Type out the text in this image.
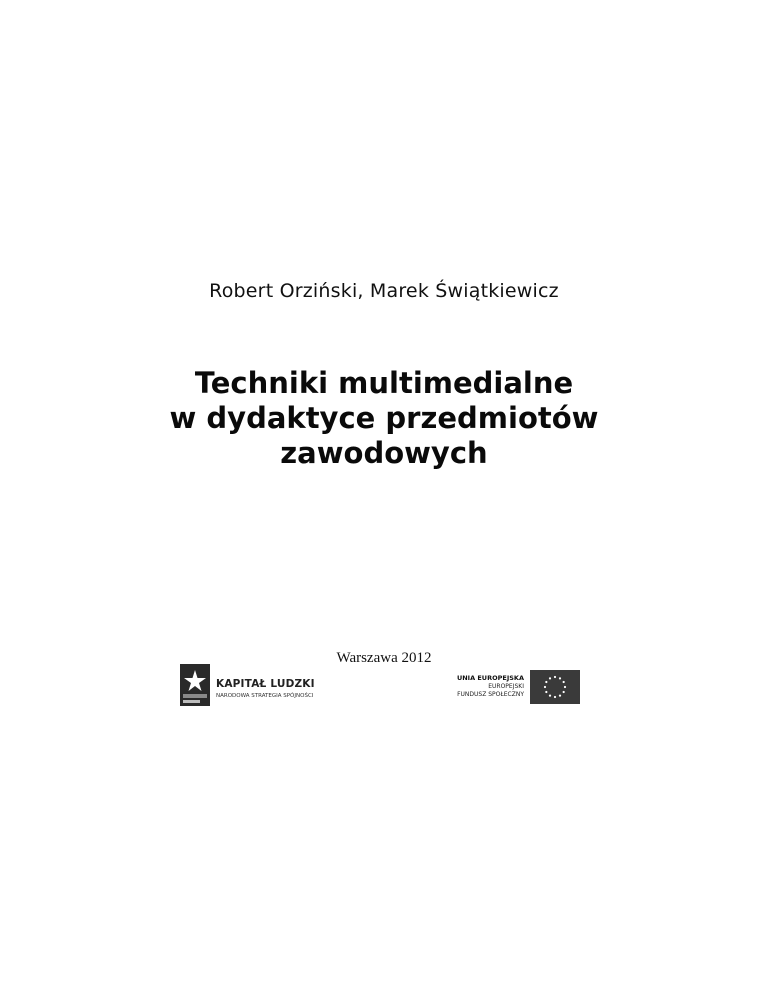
Robert Orziński, Marek Świątkiewicz
Techniki multimedialne
w dydaktyce przedmiotów
zawodowych
Warszawa 2012
KAPITAŁ LUDZKI
NARODOWA STRATEGIA SPÓJNOŚCI
UNIA EUROPEJSKA
EUROPEJSKI
FUNDUSZ SPOŁECZNY
